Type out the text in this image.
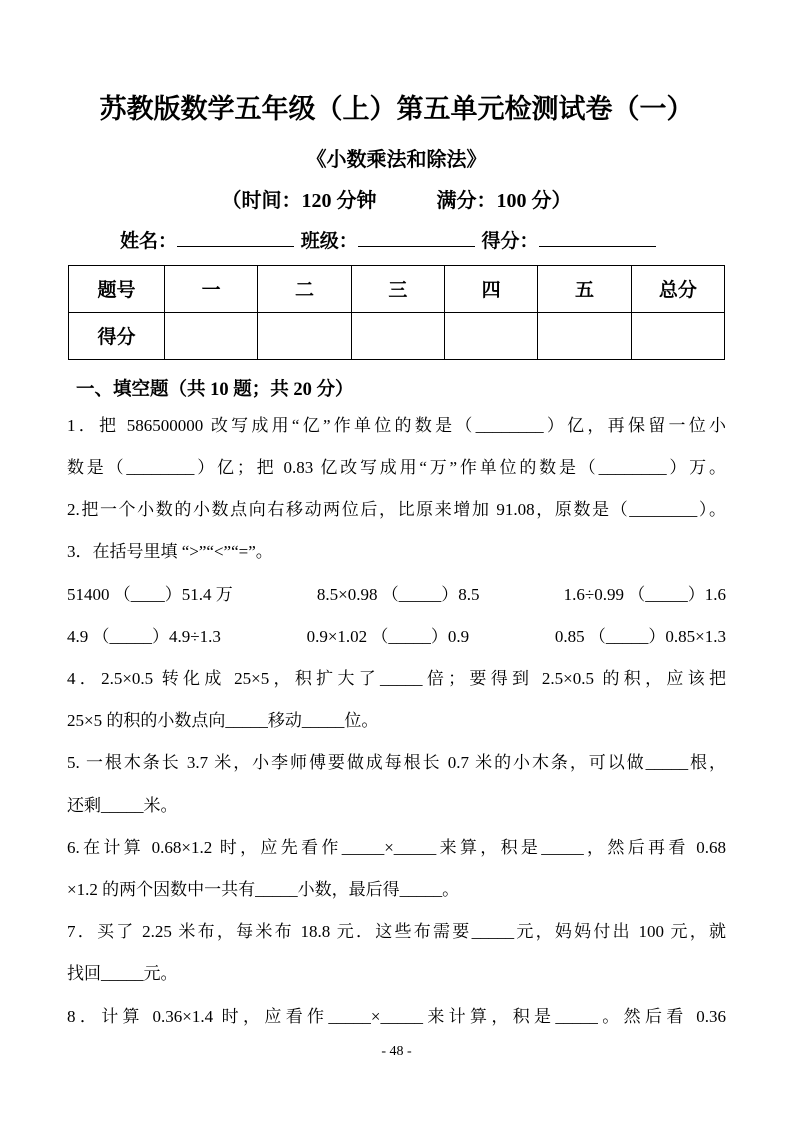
苏教版数学五年级（上）第五单元检测试卷（一）
《小数乘法和除法》
（时间：120 分钟　　　满分：100 分）
姓名：	班级：	得分：
题号	一	二	三	四	五	总分
得分						
一、填空题（共 10 题；共 20 分）
1．把 586500000 改写成用“亿”作单位的数是（________）亿，再保留一位小
数是（________）亿；把 0.83 亿改写成用“万”作单位的数是（________）万。
2.把一个小数的小数点向右移动两位后，比原来增加 91.08，原数是（________）。
3．在括号里填 “>”“<”“=”。
51400 （____）51.4 万	8.5×0.98 （_____）8.5	1.6÷0.99 （_____）1.6
4.9 （_____）4.9÷1.3	0.9×1.02 （_____）0.9	0.85 （_____）0.85×1.3
4．2.5×0.5 转化成 25×5，积扩大了_____倍；要得到 2.5×0.5 的积，应该把
25×5 的积的小数点向_____移动_____位。
5. 一根木条长 3.7 米，小李师傅要做成每根长 0.7 米的小木条，可以做_____根，
还剩_____米。
6.在计算 0.68×1.2 时，应先看作_____×_____来算，积是_____，然后再看 0.68
×1.2 的两个因数中一共有_____小数，最后得_____。
7．买了 2.25 米布，每米布 18.8 元．这些布需要_____元，妈妈付出 100 元，就
找回_____元。
8．计算 0.36×1.4 时，应看作_____×_____来计算，积是_____。然后看 0.36
- 48 -
